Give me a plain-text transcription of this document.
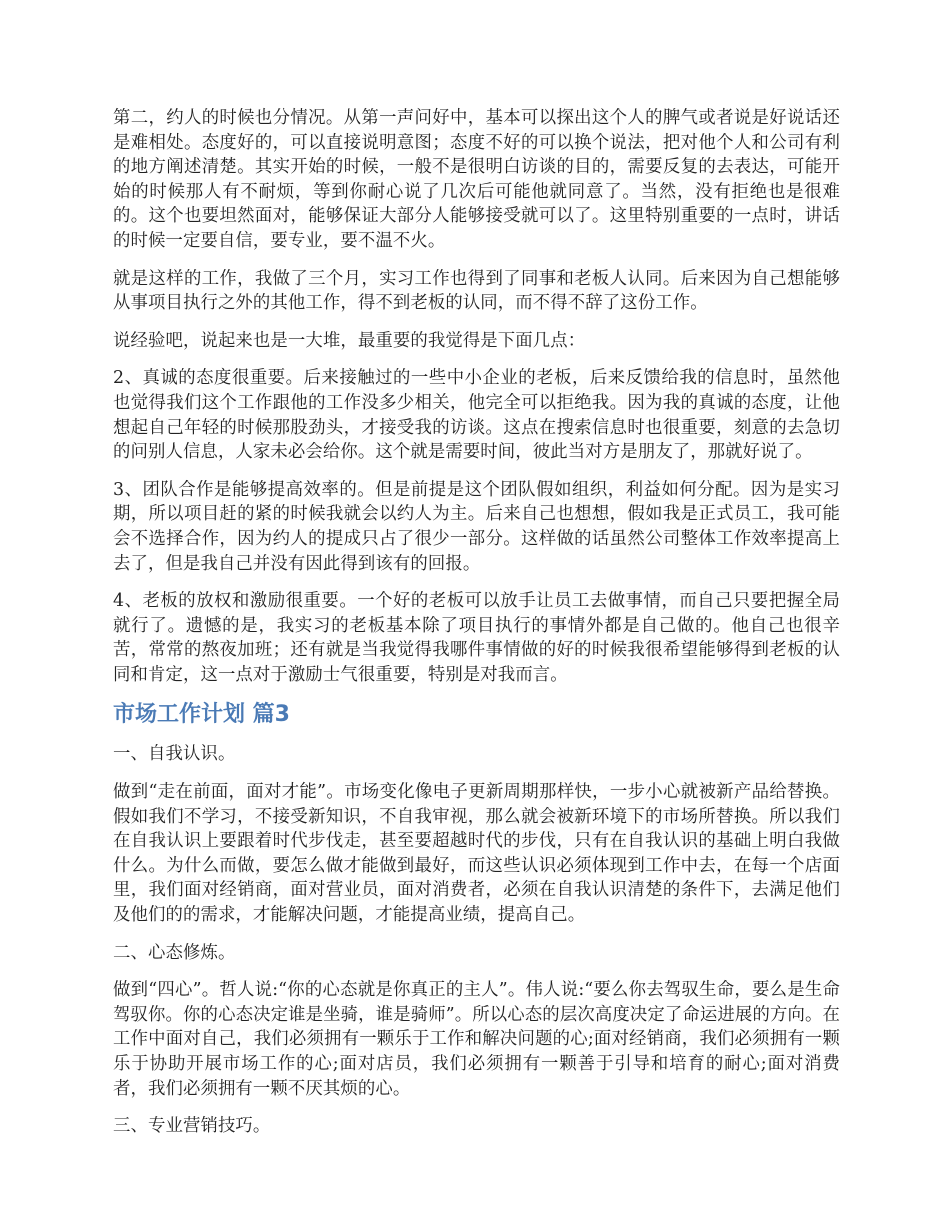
第二，约人的时候也分情况。从第一声问好中，基本可以探出这个人的脾气或者说是好说话还是难相处。态度好的，可以直接说明意图；态度不好的可以换个说法，把对他个人和公司有利的地方阐述清楚。其实开始的时候，一般不是很明白访谈的目的，需要反复的去表达，可能开始的时候那人有不耐烦，等到你耐心说了几次后可能他就同意了。当然，没有拒绝也是很难的。这个也要坦然面对，能够保证大部分人能够接受就可以了。这里特别重要的一点时，讲话的时候一定要自信，要专业，要不温不火。

就是这样的工作，我做了三个月，实习工作也得到了同事和老板人认同。后来因为自己想能够从事项目执行之外的其他工作，得不到老板的认同，而不得不辞了这份工作。

说经验吧，说起来也是一大堆，最重要的我觉得是下面几点：

2、真诚的态度很重要。后来接触过的一些中小企业的老板，后来反馈给我的信息时，虽然他也觉得我们这个工作跟他的工作没多少相关，他完全可以拒绝我。因为我的真诚的态度，让他想起自己年轻的时候那股劲头，才接受我的访谈。这点在搜索信息时也很重要，刻意的去急切的问别人信息，人家未必会给你。这个就是需要时间，彼此当对方是朋友了，那就好说了。

3、团队合作是能够提高效率的。但是前提是这个团队假如组织，利益如何分配。因为是实习期，所以项目赶的紧的时候我就会以约人为主。后来自己也想想，假如我是正式员工，我可能会不选择合作，因为约人的提成只占了很少一部分。这样做的话虽然公司整体工作效率提高上去了，但是我自己并没有因此得到该有的回报。

4、老板的放权和激励很重要。一个好的老板可以放手让员工去做事情，而自己只要把握全局就行了。遗憾的是，我实习的老板基本除了项目执行的事情外都是自己做的。他自己也很辛苦，常常的熬夜加班；还有就是当我觉得我哪件事情做的好的时候我很希望能够得到老板的认同和肯定，这一点对于激励士气很重要，特别是对我而言。

市场工作计划 篇3

一、自我认识。

做到“走在前面，面对才能”。市场变化像电子更新周期那样快，一步小心就被新产品给替换。假如我们不学习，不接受新知识，不自我审视，那么就会被新环境下的市场所替换。所以我们在自我认识上要跟着时代步伐走，甚至要超越时代的步伐，只有在自我认识的基础上明白我做什么。为什么而做，要怎么做才能做到最好，而这些认识必须体现到工作中去，在每一个店面里，我们面对经销商，面对营业员，面对消费者，必须在自我认识清楚的条件下，去满足他们及他们的的需求，才能解决问题，才能提高业绩，提高自己。

二、心态修炼。

做到“四心”。哲人说:“你的心态就是你真正的主人”。伟人说:“要么你去驾驭生命，要么是生命驾驭你。你的心态决定谁是坐骑，谁是骑师”。所以心态的层次高度决定了命运进展的方向。在工作中面对自己，我们必须拥有一颗乐于工作和解决问题的心;面对经销商，我们必须拥有一颗乐于协助开展市场工作的心;面对店员，我们必须拥有一颗善于引导和培育的耐心;面对消费者，我们必须拥有一颗不厌其烦的心。

三、专业营销技巧。
